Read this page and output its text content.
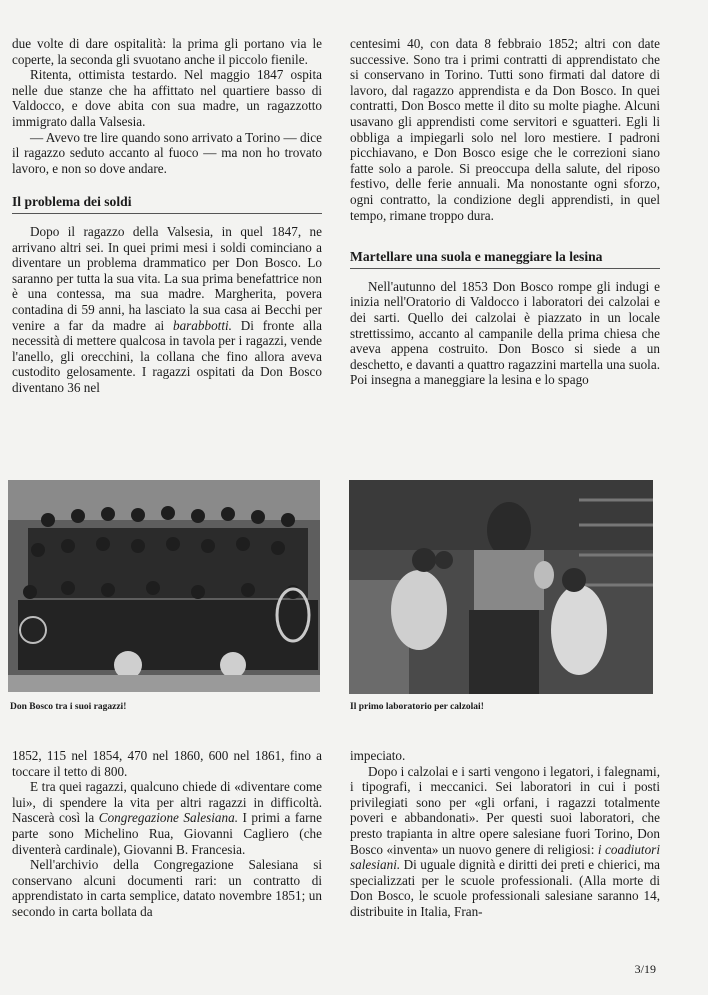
due volte di dare ospitalità: la prima gli portano via le coperte, la seconda gli svuotano anche il piccolo fienile.

Ritenta, ottimista testardo. Nel maggio 1847 ospita nelle due stanze che ha affittato nel quartiere basso di Valdocco, e dove abita con sua madre, un ragazzotto immigrato dalla Valsesia.

— Avevo tre lire quando sono arrivato a Torino — dice il ragazzo seduto accanto al fuoco — ma non ho trovato lavoro, e non so dove andare.

Il problema dei soldi

Dopo il ragazzo della Valsesia, in quel 1847, ne arrivano altri sei. In quei primi mesi i soldi cominciano a diventare un problema drammatico per Don Bosco. Lo saranno per tutta la sua vita. La sua prima benefattrice non è una contessa, ma sua madre. Margherita, povera contadina di 59 anni, ha lasciato la sua casa ai Becchi per venire a far da madre ai barabbotti. Di fronte alla necessità di mettere qualcosa in tavola per i ragazzi, vende l'anello, gli orecchini, la collana che fino allora aveva custodito gelosamente. I ragazzi ospitati da Don Bosco diventano 36 nel

centesimi 40, con data 8 febbraio 1852; altri con date successive. Sono tra i primi contratti di apprendistato che si conservano in Torino. Tutti sono firmati dal datore di lavoro, dal ragazzo apprendista e da Don Bosco. In quei contratti, Don Bosco mette il dito su molte piaghe. Alcuni usavano gli apprendisti come servitori e sguatteri. Egli li obbliga a impiegarli solo nel loro mestiere. I padroni picchiavano, e Don Bosco esige che le correzioni siano fatte solo a parole. Si preoccupa della salute, del riposo festivo, delle ferie annuali. Ma nonostante ogni sforzo, ogni contratto, la condizione degli apprendisti, in quel tempo, rimane troppo dura.

Martellare una suola e maneggiare la lesina

Nell'autunno del 1853 Don Bosco rompe gli indugi e inizia nell'Oratorio di Valdocco i laboratori dei calzolai e dei sarti. Quello dei calzolai è piazzato in un locale strettissimo, accanto al campanile della prima chiesa che aveva appena costruito. Don Bosco si siede a un deschetto, e davanti a quattro ragazzini martella una suola. Poi insegna a maneggiare la lesina e lo spago

Don Bosco tra i suoi ragazzi!	Il primo laboratorio per calzolai!

1852, 115 nel 1854, 470 nel 1860, 600 nel 1861, fino a toccare il tetto di 800.

E tra quei ragazzi, qualcuno chiede di «diventare come lui», di spendere la vita per altri ragazzi in difficoltà. Nascerà così la Congregazione Salesiana. I primi a farne parte sono Michelino Rua, Giovanni Cagliero (che diventerà cardinale), Giovanni B. Francesia.

Nell'archivio della Congregazione Salesiana si conservano alcuni documenti rari: un contratto di apprendistato in carta semplice, datato novembre 1851; un secondo in carta bollata da

impeciato.

Dopo i calzolai e i sarti vengono i legatori, i falegnami, i tipografi, i meccanici. Sei laboratori in cui i posti privilegiati sono per «gli orfani, i ragazzi totalmente poveri e abbandonati». Per questi suoi laboratori, che presto trapianta in altre opere salesiane fuori Torino, Don Bosco «inventa» un nuovo genere di religiosi: i coadiutori salesiani. Di uguale dignità e diritti dei preti e chierici, ma specializzati per le scuole professionali. (Alla morte di Don Bosco, le scuole professionali salesiane saranno 14, distribuite in Italia, Fran-

3/19
